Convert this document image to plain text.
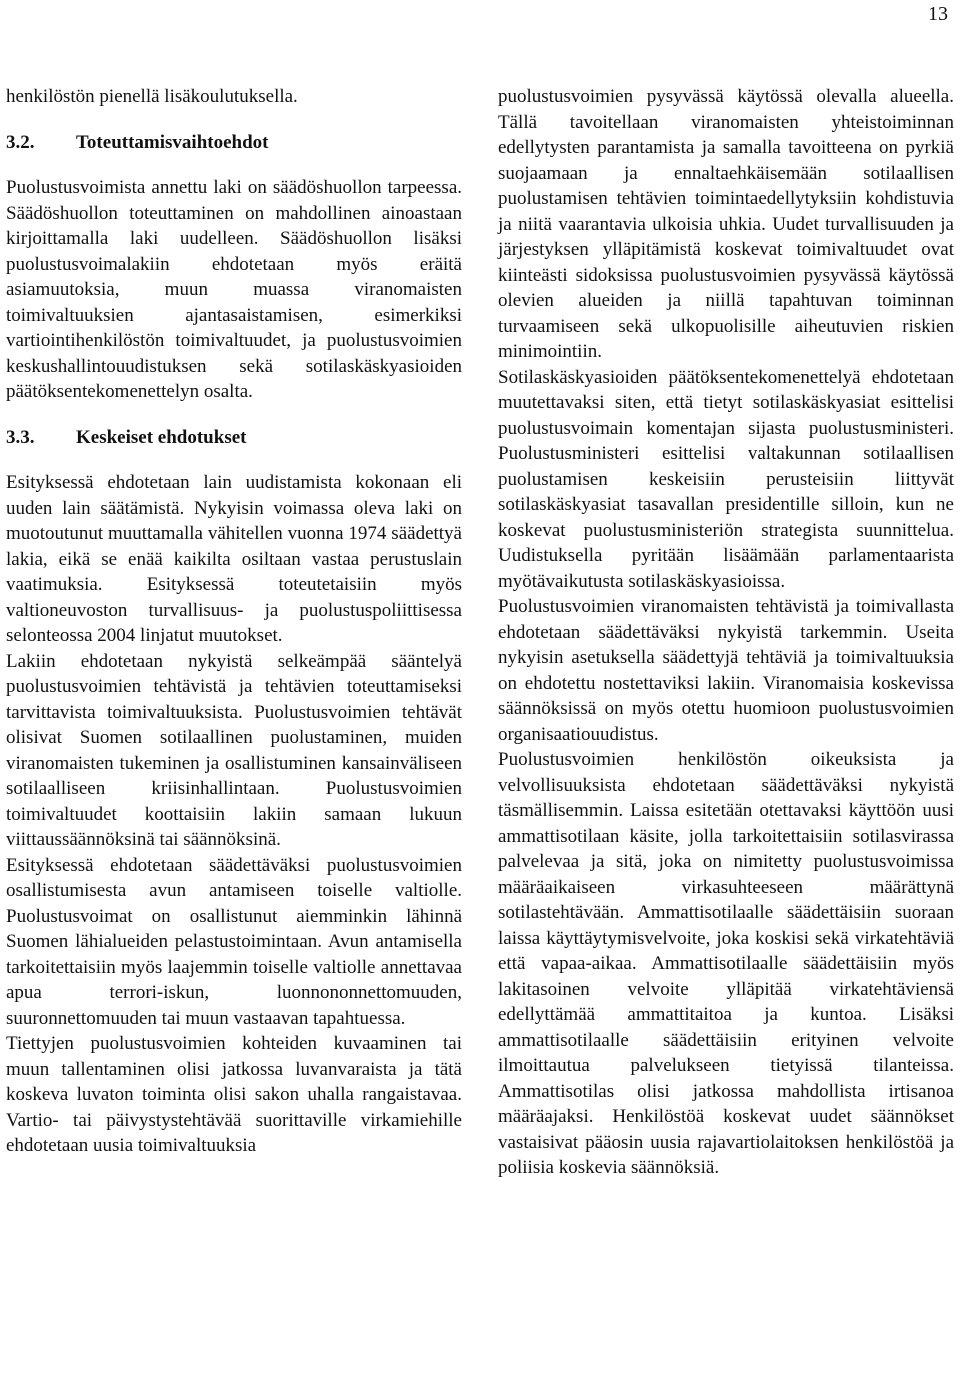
13

henkilöstön pienellä lisäkoulutuksella.

3.2.	Toteuttamisvaihtoehdot

Puolustusvoimista annettu laki on säädöshuollon tarpeessa. Säädöshuollon toteuttaminen on mahdollinen ainoastaan kirjoittamalla laki uudelleen. Säädöshuollon lisäksi puolustusvoimalakiin ehdotetaan myös eräitä asiamuutoksia, muun muassa viranomaisten toimivaltuuksien ajantasaistamisen, esimerkiksi vartiointihenkilöstön toimivaltuudet, ja puolustusvoimien keskushallintouudistuksen sekä sotilaskäskyasioiden päätöksentekomenettelyn osalta.

3.3.	Keskeiset ehdotukset

Esityksessä ehdotetaan lain uudistamista kokonaan eli uuden lain säätämistä. Nykyisin voimassa oleva laki on muotoutunut muuttamalla vähitellen vuonna 1974 säädettyä lakia, eikä se enää kaikilta osiltaan vastaa perustuslain vaatimuksia. Esityksessä toteutetaisiin myös valtioneuvoston turvallisuus- ja puolustuspoliittisessa selonteossa 2004 linjatut muutokset.

Lakiin ehdotetaan nykyistä selkeämpää sääntelyä puolustusvoimien tehtävistä ja tehtävien toteuttamiseksi tarvittavista toimivaltuuksista. Puolustusvoimien tehtävät olisivat Suomen sotilaallinen puolustaminen, muiden viranomaisten tukeminen ja osallistuminen kansainväliseen sotilaalliseen kriisinhallintaan. Puolustusvoimien toimivaltuudet koottaisiin lakiin samaan lukuun viittaussäännöksinä tai säännöksinä.

Esityksessä ehdotetaan säädettäväksi puolustusvoimien osallistumisesta avun antamiseen toiselle valtiolle. Puolustusvoimat on osallistunut aiemminkin lähinnä Suomen lähialueiden pelastustoimintaan. Avun antamisella tarkoitettaisiin myös laajemmin toiselle valtiolle annettavaa apua terrori-iskun, luonnononnettomuuden, suuronnettomuuden tai muun vastaavan tapahtuessa.

Tiettyjen puolustusvoimien kohteiden kuvaaminen tai muun tallentaminen olisi jatkossa luvanvaraista ja tätä koskeva luvaton toiminta olisi sakon uhalla rangaistavaa. Vartio- tai päivystystehtävää suorittaville virkamiehille ehdotetaan uusia toimivaltuuksia

puolustusvoimien pysyvässä käytössä olevalla alueella. Tällä tavoitellaan viranomaisten yhteistoiminnan edellytysten parantamista ja samalla tavoitteena on pyrkiä suojaamaan ja ennaltaehkäisemään sotilaallisen puolustamisen tehtävien toimintaedellytyksiin kohdistuvia ja niitä vaarantavia ulkoisia uhkia. Uudet turvallisuuden ja järjestyksen ylläpitämistä koskevat toimivaltuudet ovat kiinteästi sidoksissa puolustusvoimien pysyvässä käytössä olevien alueiden ja niillä tapahtuvan toiminnan turvaamiseen sekä ulkopuolisille aiheutuvien riskien minimointiin.

Sotilaskäskyasioiden päätöksentekomenettelyä ehdotetaan muutettavaksi siten, että tietyt sotilaskäskyasiat esittelisi puolustusvoimain komentajan sijasta puolustusministeri. Puolustusministeri esittelisi valtakunnan sotilaallisen puolustamisen keskeisiin perusteisiin liittyvät sotilaskäskyasiat tasavallan presidentille silloin, kun ne koskevat puolustusministeriön strategista suunnittelua. Uudistuksella pyritään lisäämään parlamentaarista myötävaikutusta sotilaskäskyasioissa.

Puolustusvoimien viranomaisten tehtävistä ja toimivallasta ehdotetaan säädettäväksi nykyistä tarkemmin. Useita nykyisin asetuksella säädettyjä tehtäviä ja toimivaltuuksia on ehdotettu nostettaviksi lakiin. Viranomaisia koskevissa säännöksissä on myös otettu huomioon puolustusvoimien organisaatiouudistus.

Puolustusvoimien henkilöstön oikeuksista ja velvollisuuksista ehdotetaan säädettäväksi nykyistä täsmällisemmin. Laissa esitetään otettavaksi käyttöön uusi ammattisotilaan käsite, jolla tarkoitettaisiin sotilasvirassa palvelevaa ja sitä, joka on nimitetty puolustusvoimissa määräaikaiseen virkasuhteeseen määrättynä sotilastehtävään. Ammattisotilaalle säädettäisiin suoraan laissa käyttäytymisvelvoite, joka koskisi sekä virkatehtäviä että vapaa-aikaa. Ammattisotilaalle säädettäisiin myös lakitasoinen velvoite ylläpitää virkatehtäviensä edellyttämää ammattitaitoa ja kuntoa. Lisäksi ammattisotilaalle säädettäisiin erityinen velvoite ilmoittautua palvelukseen tietyissä tilanteissa. Ammattisotilas olisi jatkossa mahdollista irtisanoa määräajaksi. Henkilöstöä koskevat uudet säännökset vastaisivat pääosin uusia rajavartiolaitoksen henkilöstöä ja poliisia koskevia säännöksiä.
